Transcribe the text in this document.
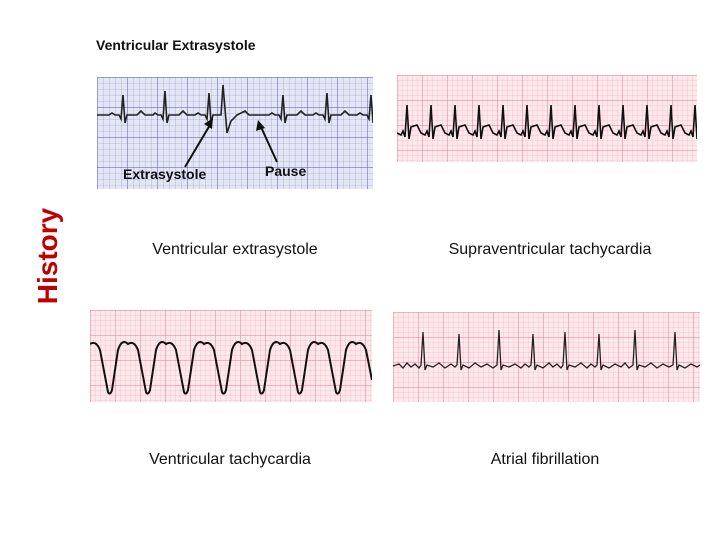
History
Ventricular Extrasystole
Extrasystole	Pause
Ventricular extrasystole	Supraventricular tachycardia
Ventricular tachycardia	Atrial fibrillation
